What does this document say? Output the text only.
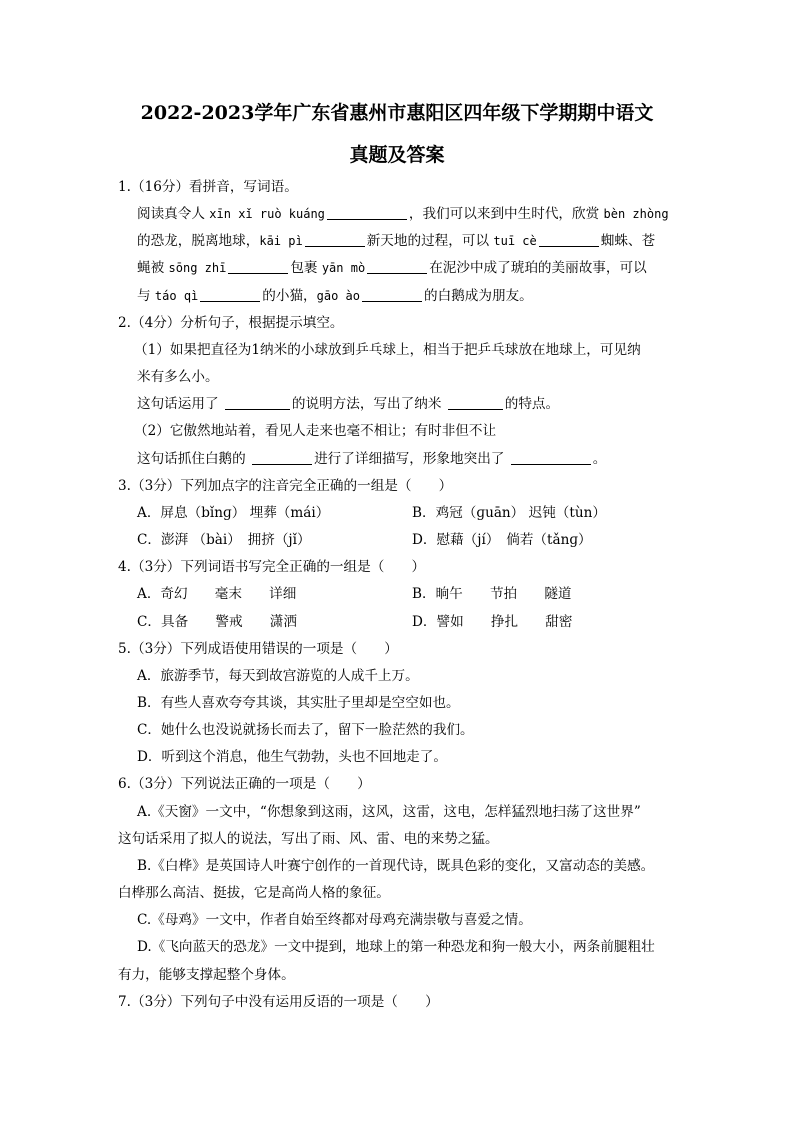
2022-2023学年广东省惠州市惠阳区四年级下学期期中语文
真题及答案
1.（16分）看拼音，写词语。
阅读真令人 xīn xǐ ruò kuáng	，我们可以来到中生时代，欣赏 bèn zhòng
的恐龙，脱离地球，kāi pì	新天地的过程，可以 tuī cè	蜘蛛、苍
蝇被 sōng zhī	包裹 yān mò	在泥沙中成了琥珀的美丽故事，可以
与 táo qì	的小猫，gāo ào	的白鹅成为朋友。
2.（4分）分析句子，根据提示填空。
（1）如果把直径为1纳米的小球放到乒乓球上，相当于把乒乓球放在地球上，可见纳
米有多么小。
这句话运用了	的说明方法，写出了纳米	的特点。
（2）它傲然地站着，看见人走来也毫不相让；有时非但不让
这句话抓住白鹅的	进行了详细描写，形象地突出了	。
3.（3分）下列加点字的注音完全正确的一组是（　　）
A．屏息（bǐnɡ） 埋葬（mái）	B．鸡冠（ɡuān） 迟钝（tùn）
C．澎湃 （bài）　拥挤（jǐ）	D．慰藉（jí）　倘若（tǎnɡ）
4.（3分）下列词语书写完全正确的一组是（　　）
A．奇幻　　毫末　　详细	B．晌午　　节拍　　隧道
C．具备　　警戒　　潇洒	D．譬如　　挣扎　　甜密
5.（3分）下列成语使用错误的一项是（　　）
A．旅游季节，每天到故宫游览的人成千上万。
B．有些人喜欢夸夸其谈，其实肚子里却是空空如也。
C．她什么也没说就扬长而去了，留下一脸茫然的我们。
D．听到这个消息，他生气勃勃，头也不回地走了。
6.（3分）下列说法正确的一项是（　　）
A.《天窗》一文中，“你想象到这雨，这风，这雷，这电，怎样猛烈地扫荡了这世界”
这句话采用了拟人的说法，写出了雨、风、雷、电的来势之猛。
B.《白桦》是英国诗人叶赛宁创作的一首现代诗，既具色彩的变化，又富动态的美感。
白桦那么高洁、挺拔，它是高尚人格的象征。
C.《母鸡》一文中，作者自始至终都对母鸡充满崇敬与喜爱之情。
D.《飞向蓝天的恐龙》一文中提到，地球上的第一种恐龙和狗一般大小，两条前腿粗壮
有力，能够支撑起整个身体。
7.（3分）下列句子中没有运用反语的一项是（　　）
